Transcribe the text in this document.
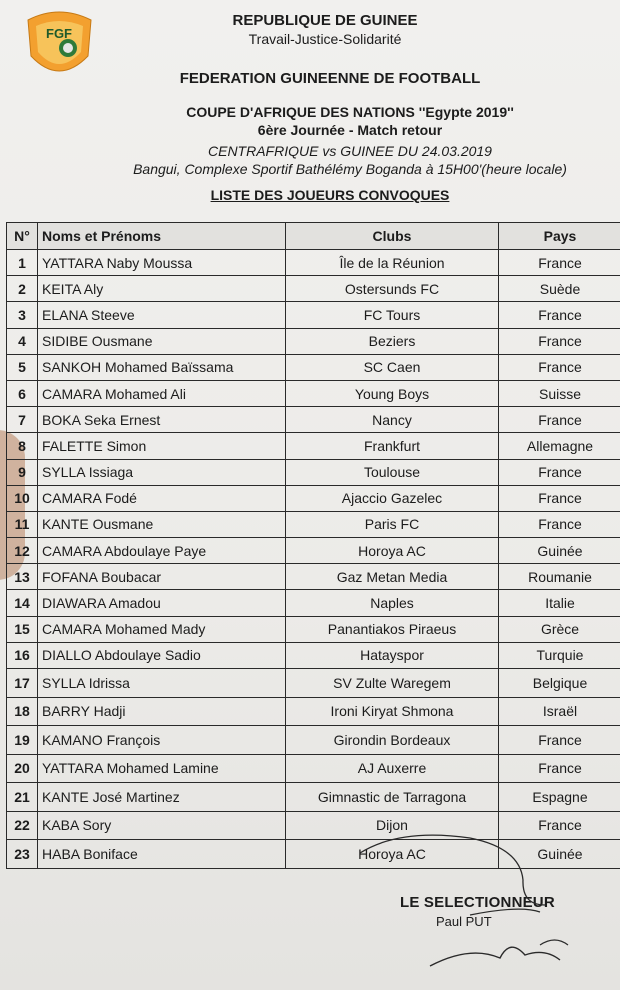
FGF
REPUBLIQUE DE GUINEE
Travail-Justice-Solidarité
FEDERATION GUINEENNE DE FOOTBALL
COUPE D'AFRIQUE DES NATIONS ''Egypte 2019''
6ère Journée - Match retour
CENTRAFRIQUE vs GUINEE DU 24.03.2019
Bangui, Complexe Sportif Bathélémy Boganda à 15H00'(heure locale)
LISTE DES JOUEURS CONVOQUES
N°	Noms et Prénoms	Clubs	Pays
1	YATTARA Naby Moussa	Île de la Réunion	France
2	KEITA Aly	Ostersunds FC	Suède
3	ELANA Steeve	FC Tours	France
4	SIDIBE Ousmane	Beziers	France
5	SANKOH Mohamed Baïssama	SC Caen	France
6	CAMARA Mohamed Ali	Young Boys	Suisse
7	BOKA Seka Ernest	Nancy	France
8	FALETTE Simon	Frankfurt	Allemagne
9	SYLLA Issiaga	Toulouse	France
10	CAMARA Fodé	Ajaccio Gazelec	France
11	KANTE Ousmane	Paris FC	France
12	CAMARA Abdoulaye Paye	Horoya AC	Guinée
13	FOFANA Boubacar	Gaz Metan Media	Roumanie
14	DIAWARA Amadou	Naples	Italie
15	CAMARA Mohamed Mady	Panantiakos Piraeus	Grèce
16	DIALLO Abdoulaye Sadio	Hatayspor	Turquie
17	SYLLA Idrissa	SV Zulte Waregem	Belgique
18	BARRY Hadji	Ironi Kiryat Shmona	Israël
19	KAMANO François	Girondin Bordeaux	France
20	YATTARA Mohamed Lamine	AJ Auxerre	France
21	KANTE José Martinez	Gimnastic de Tarragona	Espagne
22	KABA Sory	Dijon	France
23	HABA Boniface	Horoya AC	Guinée
LE SELECTIONNEUR
Paul PUT
